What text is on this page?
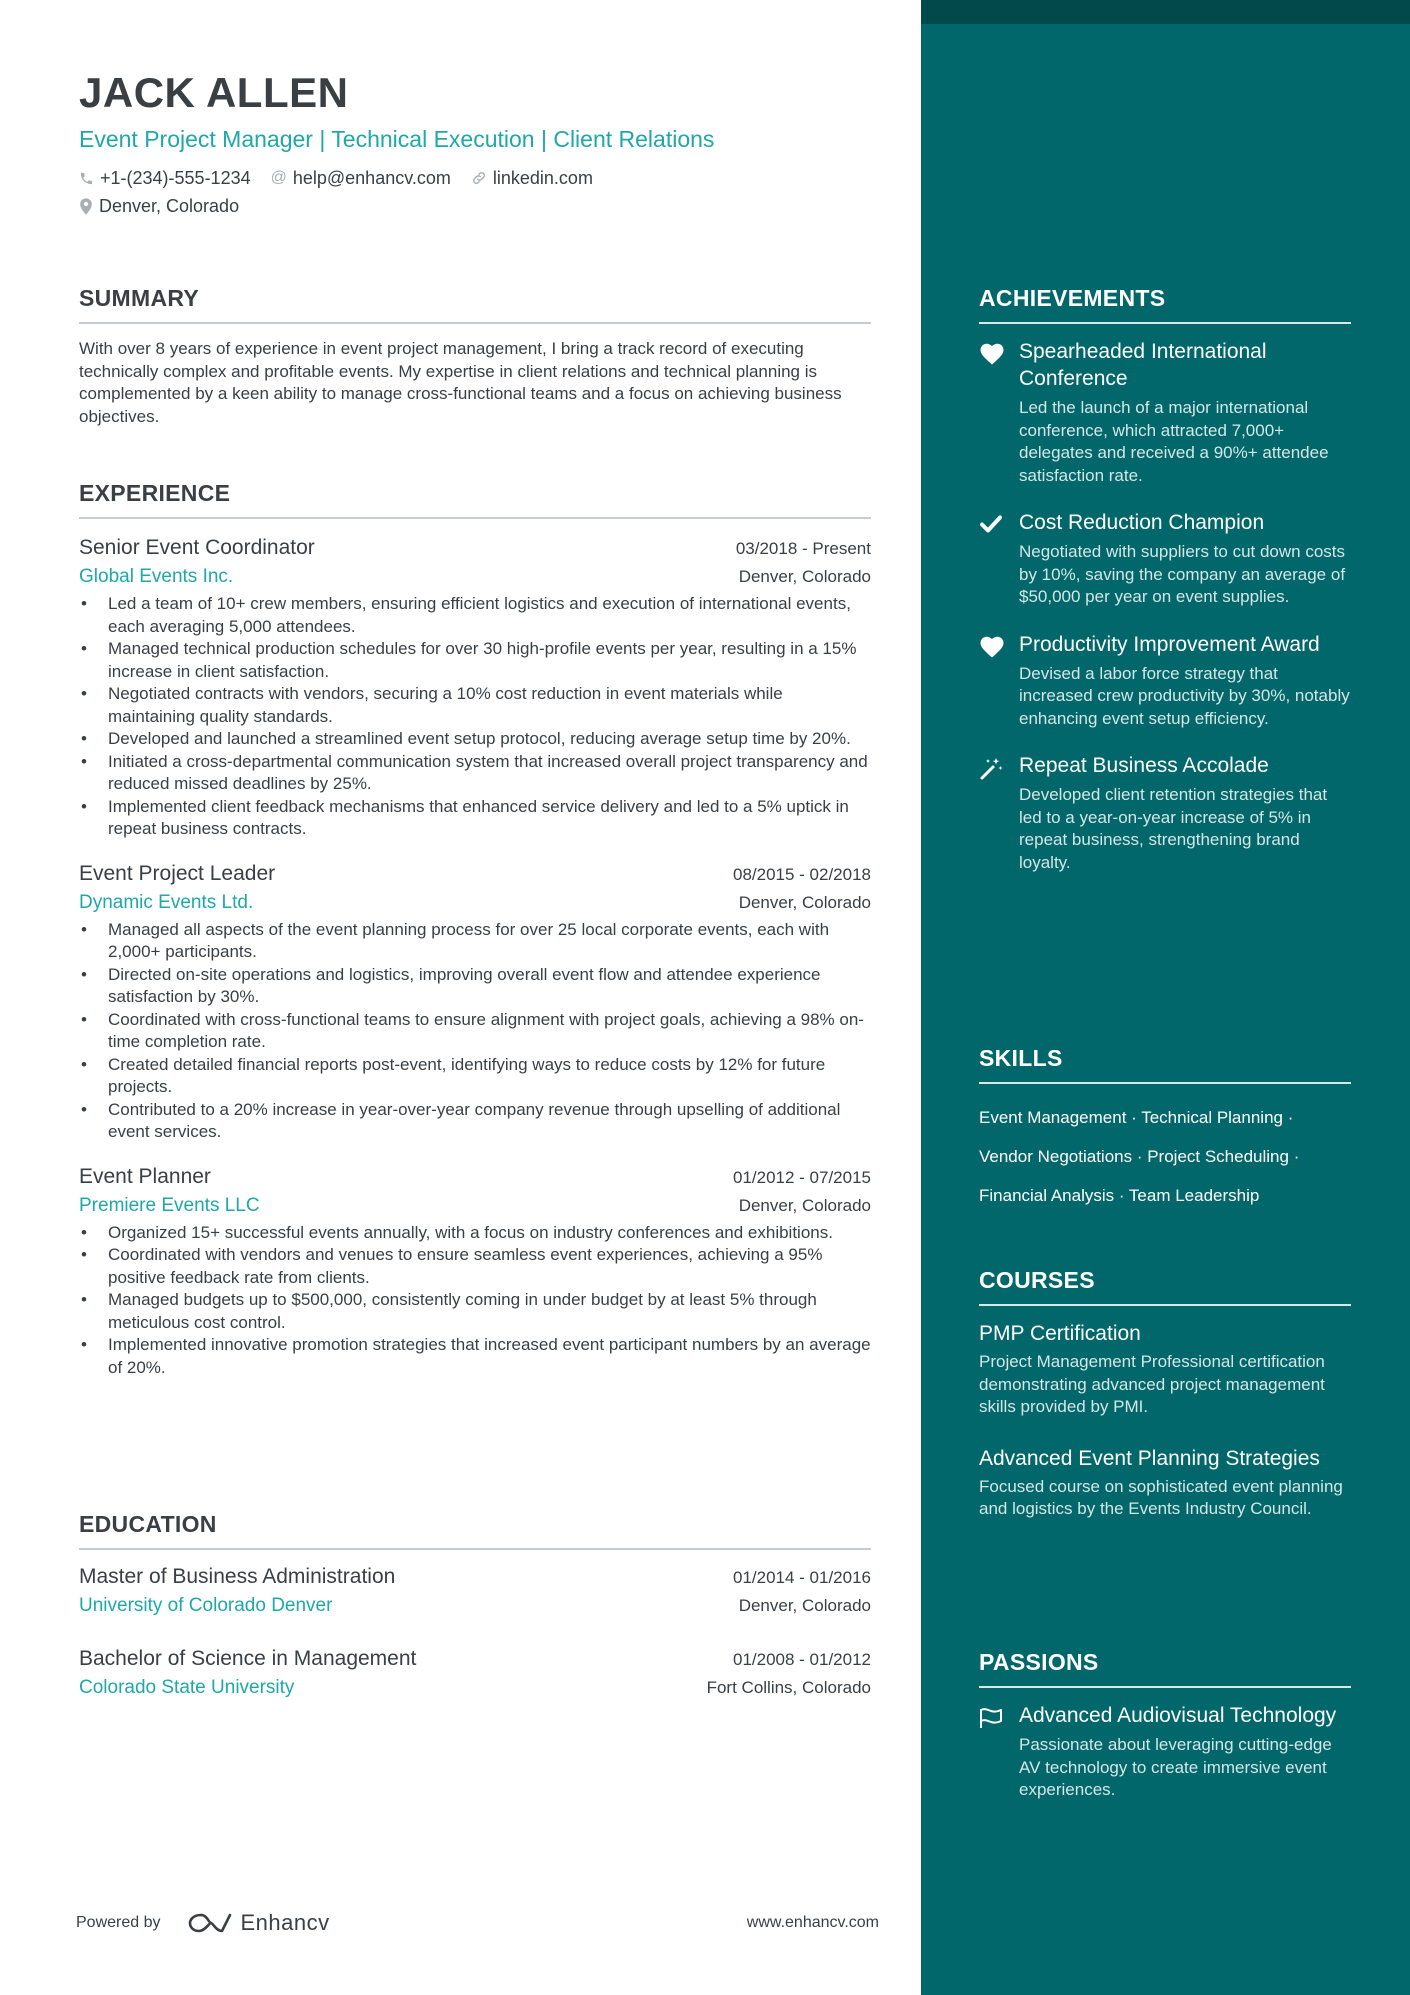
JACK ALLEN
Event Project Manager | Technical Execution | Client Relations
+1-(234)-555-1234 @ help@enhancv.com linkedin.com
Denver, Colorado
SUMMARY
With over 8 years of experience in event project management, I bring a track record of executing technically complex and profitable events. My expertise in client relations and technical planning is complemented by a keen ability to manage cross-functional teams and a focus on achieving business objectives.
EXPERIENCE
Senior Event Coordinator	03/2018 - Present
Global Events Inc.	Denver, Colorado
• Led a team of 10+ crew members, ensuring efficient logistics and execution of international events, each averaging 5,000 attendees.
• Managed technical production schedules for over 30 high-profile events per year, resulting in a 15% increase in client satisfaction.
• Negotiated contracts with vendors, securing a 10% cost reduction in event materials while maintaining quality standards.
• Developed and launched a streamlined event setup protocol, reducing average setup time by 20%.
• Initiated a cross-departmental communication system that increased overall project transparency and reduced missed deadlines by 25%.
• Implemented client feedback mechanisms that enhanced service delivery and led to a 5% uptick in repeat business contracts.
Event Project Leader	08/2015 - 02/2018
Dynamic Events Ltd.	Denver, Colorado
• Managed all aspects of the event planning process for over 25 local corporate events, each with 2,000+ participants.
• Directed on-site operations and logistics, improving overall event flow and attendee experience satisfaction by 30%.
• Coordinated with cross-functional teams to ensure alignment with project goals, achieving a 98% on-time completion rate.
• Created detailed financial reports post-event, identifying ways to reduce costs by 12% for future projects.
• Contributed to a 20% increase in year-over-year company revenue through upselling of additional event services.
Event Planner	01/2012 - 07/2015
Premiere Events LLC	Denver, Colorado
• Organized 15+ successful events annually, with a focus on industry conferences and exhibitions.
• Coordinated with vendors and venues to ensure seamless event experiences, achieving a 95% positive feedback rate from clients.
• Managed budgets up to $500,000, consistently coming in under budget by at least 5% through meticulous cost control.
• Implemented innovative promotion strategies that increased event participant numbers by an average of 20%.
EDUCATION
Master of Business Administration	01/2014 - 01/2016
University of Colorado Denver	Denver, Colorado
Bachelor of Science in Management	01/2008 - 01/2012
Colorado State University	Fort Collins, Colorado
Powered by	Enhancv	www.enhancv.com
ACHIEVEMENTS
Spearheaded International Conference
Led the launch of a major international conference, which attracted 7,000+ delegates and received a 90%+ attendee satisfaction rate.
Cost Reduction Champion
Negotiated with suppliers to cut down costs by 10%, saving the company an average of $50,000 per year on event supplies.
Productivity Improvement Award
Devised a labor force strategy that increased crew productivity by 30%, notably enhancing event setup efficiency.
Repeat Business Accolade
Developed client retention strategies that led to a year-on-year increase of 5% in repeat business, strengthening brand loyalty.
SKILLS
Event Management · Technical Planning ·
Vendor Negotiations · Project Scheduling ·
Financial Analysis · Team Leadership
COURSES
PMP Certification
Project Management Professional certification demonstrating advanced project management skills provided by PMI.
Advanced Event Planning Strategies
Focused course on sophisticated event planning and logistics by the Events Industry Council.
PASSIONS
Advanced Audiovisual Technology
Passionate about leveraging cutting-edge AV technology to create immersive event experiences.
